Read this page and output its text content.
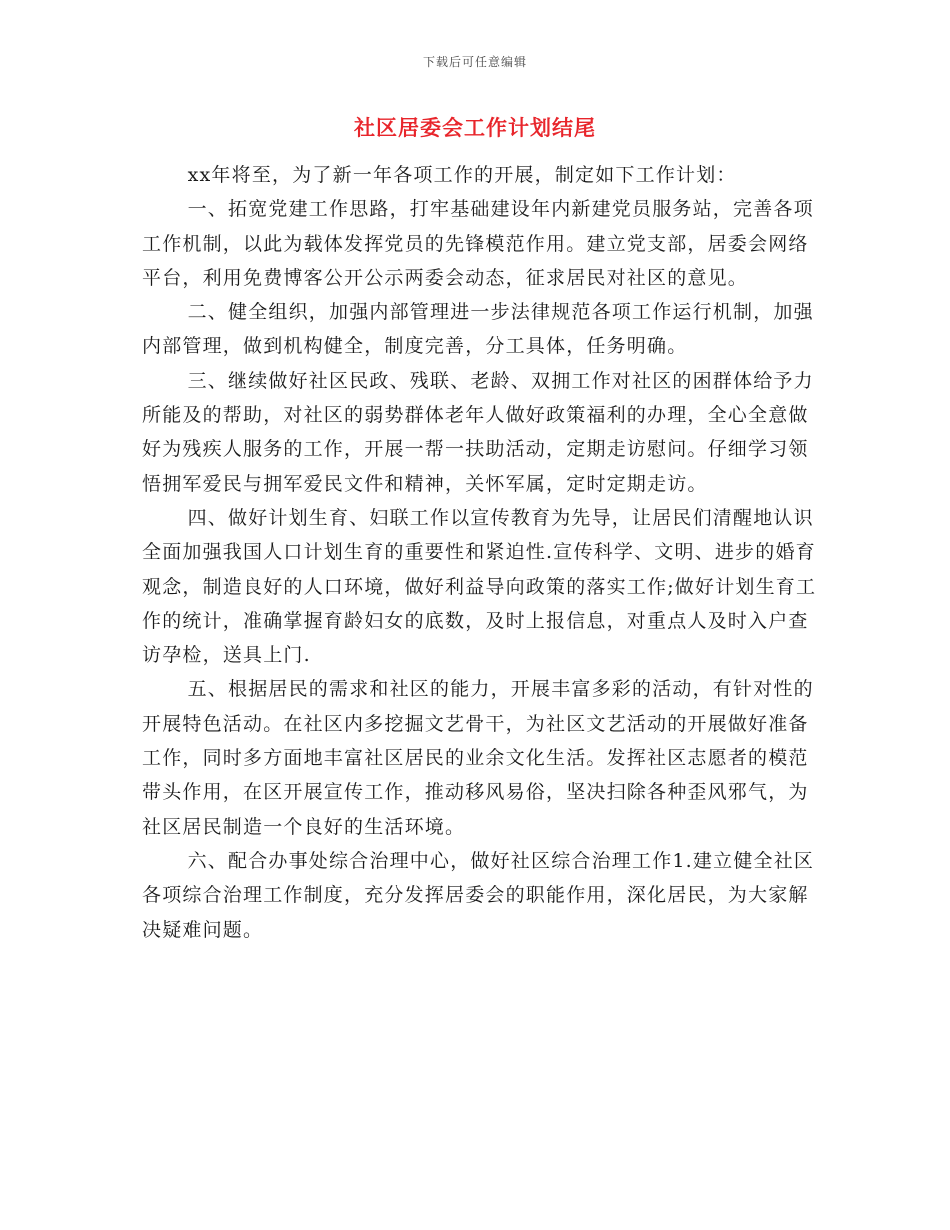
下载后可任意编辑
社区居委会工作计划结尾

xx年将至，为了新一年各项工作的开展，制定如下工作计划：

一、拓宽党建工作思路，打牢基础建设年内新建党员服务站，完善各项工作机制，以此为载体发挥党员的先锋模范作用。建立党支部，居委会网络平台，利用免费博客公开公示两委会动态，征求居民对社区的意见。

二、健全组织，加强内部管理进一步法律规范各项工作运行机制，加强内部管理，做到机构健全，制度完善，分工具体，任务明确。

三、继续做好社区民政、残联、老龄、双拥工作对社区的困群体给予力所能及的帮助，对社区的弱势群体老年人做好政策福利的办理，全心全意做好为残疾人服务的工作，开展一帮一扶助活动，定期走访慰问。仔细学习领悟拥军爱民与拥军爱民文件和精神，关怀军属，定时定期走访。

四、做好计划生育、妇联工作以宣传教育为先导，让居民们清醒地认识全面加强我国人口计划生育的重要性和紧迫性.宣传科学、文明、进步的婚育观念，制造良好的人口环境，做好利益导向政策的落实工作;做好计划生育工作的统计，准确掌握育龄妇女的底数，及时上报信息，对重点人及时入户查访孕检，送具上门.

五、根据居民的需求和社区的能力，开展丰富多彩的活动，有针对性的开展特色活动。在社区内多挖掘文艺骨干，为社区文艺活动的开展做好准备工作，同时多方面地丰富社区居民的业余文化生活。发挥社区志愿者的模范带头作用，在区开展宣传工作，推动移风易俗，坚决扫除各种歪风邪气，为社区居民制造一个良好的生活环境。

六、配合办事处综合治理中心，做好社区综合治理工作1.建立健全社区各项综合治理工作制度，充分发挥居委会的职能作用，深化居民，为大家解决疑难问题。
